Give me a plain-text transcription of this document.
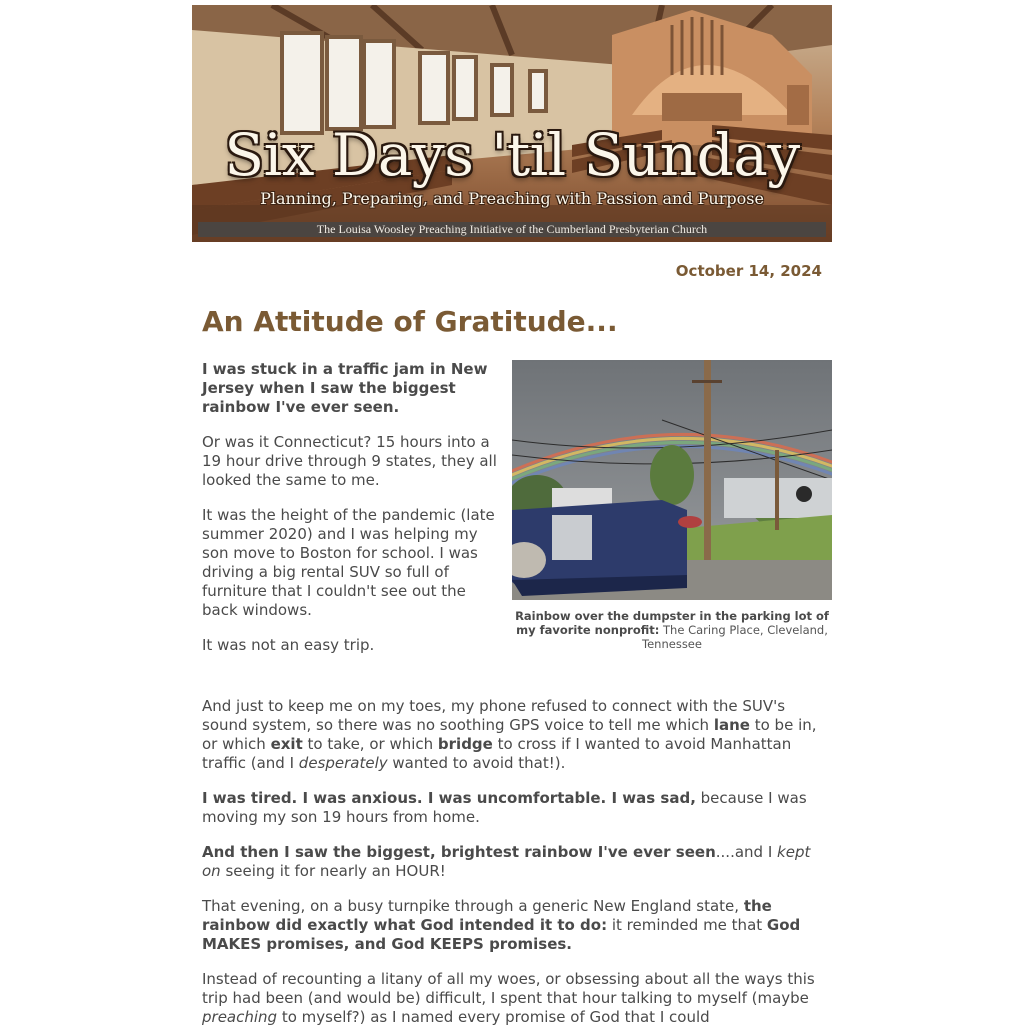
Six Days 'til Sunday
Planning, Preparing, and Preaching with Passion and Purpose
The Louisa Woosley Preaching Initiative of the Cumberland Presbyterian Church
October 14, 2024
An Attitude of Gratitude...

I was stuck in a traffic jam in New Jersey when I saw the biggest rainbow I've ever seen.

Or was it Connecticut? 15 hours into a 19 hour drive through 9 states, they all looked the same to me.

It was the height of the pandemic (late summer 2020) and I was helping my son move to Boston for school. I was driving a big rental SUV so full of furniture that I couldn't see out the back windows.

It was not an easy trip.

Rainbow over the dumpster in the parking lot of my favorite nonprofit: The Caring Place, Cleveland, Tennessee

And just to keep me on my toes, my phone refused to connect with the SUV's sound system, so there was no soothing GPS voice to tell me which lane to be in, or which exit to take, or which bridge to cross if I wanted to avoid Manhattan traffic (and I desperately wanted to avoid that!).

I was tired. I was anxious. I was uncomfortable. I was sad, because I was moving my son 19 hours from home.

And then I saw the biggest, brightest rainbow I've ever seen....and I kept on seeing it for nearly an HOUR!

That evening, on a busy turnpike through a generic New England state, the rainbow did exactly what God intended it to do: it reminded me that God MAKES promises, and God KEEPS promises.

Instead of recounting a litany of all my woes, or obsessing about all the ways this trip had been (and would be) difficult, I spent that hour talking to myself (maybe preaching to myself?) as I named every promise of God that I could
